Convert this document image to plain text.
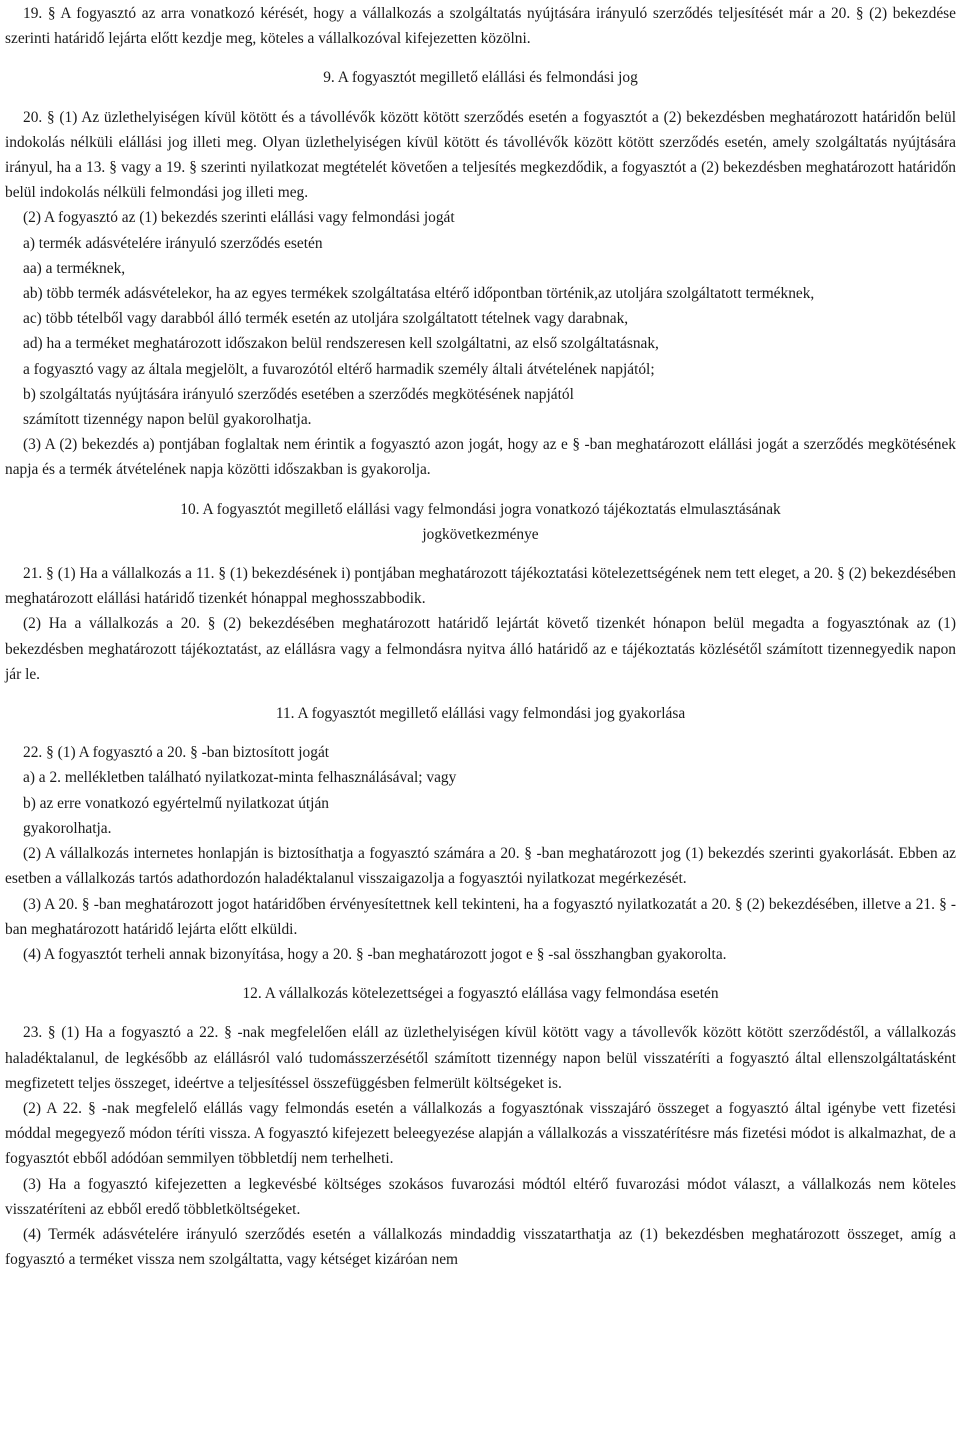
19. § A fogyasztó az arra vonatkozó kérését, hogy a vállalkozás a szolgáltatás nyújtására irányuló szerződés teljesítését már a 20. § (2) bekezdése szerinti határidő lejárta előtt kezdje meg, köteles a vállalkozóval kifejezetten közölni.

9. A fogyasztót megillető elállási és felmondási jog

20. § (1) Az üzlethelyiségen kívül kötött és a távollévők között kötött szerződés esetén a fogyasztót a (2) bekezdésben meghatározott határidőn belül indokolás nélküli elállási jog illeti meg. Olyan üzlethelyiségen kívül kötött és távollévők között kötött szerződés esetén, amely szolgáltatás nyújtására irányul, ha a 13. § vagy a 19. § szerinti nyilatkozat megtételét követően a teljesítés megkezdődik, a fogyasztót a (2) bekezdésben meghatározott határidőn belül indokolás nélküli felmondási jog illeti meg.

(2) A fogyasztó az (1) bekezdés szerinti elállási vagy felmondási jogát

a) termék adásvételére irányuló szerződés esetén

aa) a terméknek,

ab) több termék adásvételekor, ha az egyes termékek szolgáltatása eltérő időpontban történik,az utoljára szolgáltatott terméknek,

ac) több tételből vagy darabból álló termék esetén az utoljára szolgáltatott tételnek vagy darabnak,

ad) ha a terméket meghatározott időszakon belül rendszeresen kell szolgáltatni, az első szolgáltatásnak,

a fogyasztó vagy az általa megjelölt, a fuvarozótól eltérő harmadik személy általi átvételének napjától;

b) szolgáltatás nyújtására irányuló szerződés esetében a szerződés megkötésének napjától

számított tizennégy napon belül gyakorolhatja.

(3) A (2) bekezdés a) pontjában foglaltak nem érintik a fogyasztó azon jogát, hogy az e § -ban meghatározott elállási jogát a szerződés megkötésének napja és a termék átvételének napja közötti időszakban is gyakorolja.

10. A fogyasztót megillető elállási vagy felmondási jogra vonatkozó tájékoztatás elmulasztásának
jogkövetkezménye

21. § (1) Ha a vállalkozás a 11. § (1) bekezdésének i) pontjában meghatározott tájékoztatási kötelezettségének nem tett eleget, a 20. § (2) bekezdésében meghatározott elállási határidő tizenkét hónappal meghosszabbodik.

(2) Ha a vállalkozás a 20. § (2) bekezdésében meghatározott határidő lejártát követő tizenkét hónapon belül megadta a fogyasztónak az (1) bekezdésben meghatározott tájékoztatást, az elállásra vagy a felmondásra nyitva álló határidő az e tájékoztatás közlésétől számított tizennegyedik napon jár le.

11. A fogyasztót megillető elállási vagy felmondási jog gyakorlása

22. § (1) A fogyasztó a 20. § -ban biztosított jogát

a) a 2. mellékletben található nyilatkozat-minta felhasználásával; vagy

b) az erre vonatkozó egyértelmű nyilatkozat útján

gyakorolhatja.

(2) A vállalkozás internetes honlapján is biztosíthatja a fogyasztó számára a 20. § -ban meghatározott jog (1) bekezdés szerinti gyakorlását. Ebben az esetben a vállalkozás tartós adathordozón haladéktalanul visszaigazolja a fogyasztói nyilatkozat megérkezését.

(3) A 20. § -ban meghatározott jogot határidőben érvényesítettnek kell tekinteni, ha a fogyasztó nyilatkozatát a 20. § (2) bekezdésében, illetve a 21. § -ban meghatározott határidő lejárta előtt elküldi.

(4) A fogyasztót terheli annak bizonyítása, hogy a 20. § -ban meghatározott jogot e § -sal összhangban gyakorolta.

12. A vállalkozás kötelezettségei a fogyasztó elállása vagy felmondása esetén

23. § (1) Ha a fogyasztó a 22. § -nak megfelelően eláll az üzlethelyiségen kívül kötött vagy a távollevők között kötött szerződéstől, a vállalkozás haladéktalanul, de legkésőbb az elállásról való tudomásszerzésétől számított tizennégy napon belül visszatéríti a fogyasztó által ellenszolgáltatásként megfizetett teljes összeget, ideértve a teljesítéssel összefüggésben felmerült költségeket is.

(2) A 22. § -nak megfelelő elállás vagy felmondás esetén a vállalkozás a fogyasztónak visszajáró összeget a fogyasztó által igénybe vett fizetési móddal megegyező módon téríti vissza. A fogyasztó kifejezett beleegyezése alapján a vállalkozás a visszatérítésre más fizetési módot is alkalmazhat, de a fogyasztót ebből adódóan semmilyen többletdíj nem terhelheti.

(3) Ha a fogyasztó kifejezetten a legkevésbé költséges szokásos fuvarozási módtól eltérő fuvarozási módot választ, a vállalkozás nem köteles visszatéríteni az ebből eredő többletköltségeket.

(4) Termék adásvételére irányuló szerződés esetén a vállalkozás mindaddig visszatarthatja az (1) bekezdésben meghatározott összeget, amíg a fogyasztó a terméket vissza nem szolgáltatta, vagy kétséget kizáróan nem
